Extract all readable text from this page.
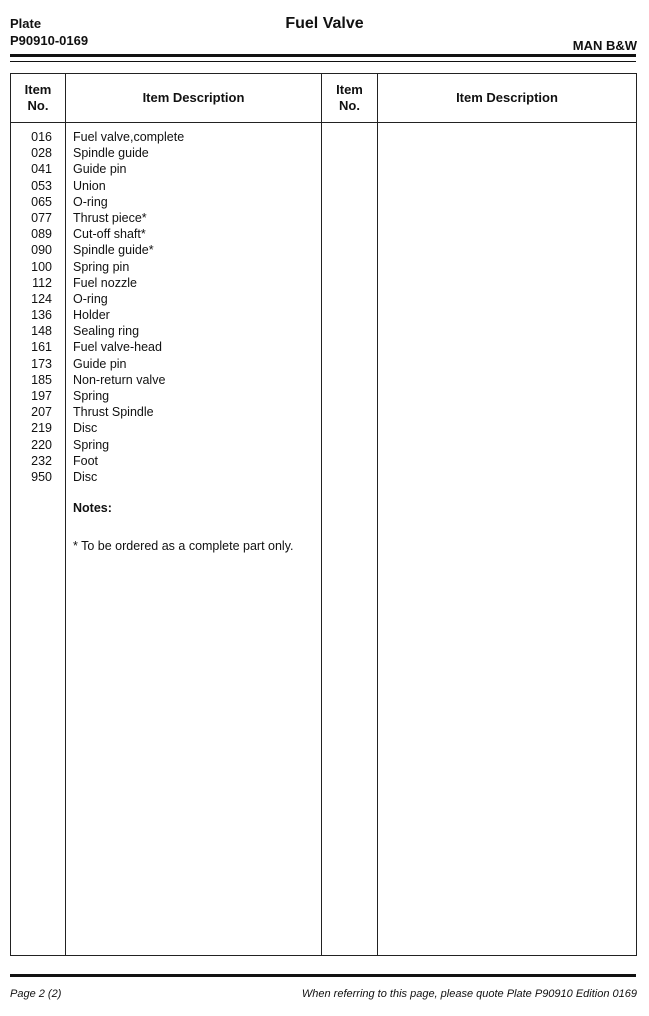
Plate
P90910-0169
Fuel Valve
MAN B&W
Item
No.
Item Description
Item
No.
Item Description
016
028
041
053
065
077
089
090
100
112
124
136
148
161
173
185
197
207
219
220
232
950
Fuel valve,complete
Spindle guide
Guide pin
Union
O-ring
Thrust piece*
Cut-off shaft*
Spindle guide*
Spring pin
Fuel nozzle
O-ring
Holder
Sealing ring
Fuel valve-head
Guide pin
Non-return valve
Spring
Thrust Spindle
Disc
Spring
Foot
Disc
Notes:
* To be ordered as a complete part only.
Page 2 (2)	When referring to this page, please quote Plate P90910 Edition 0169
